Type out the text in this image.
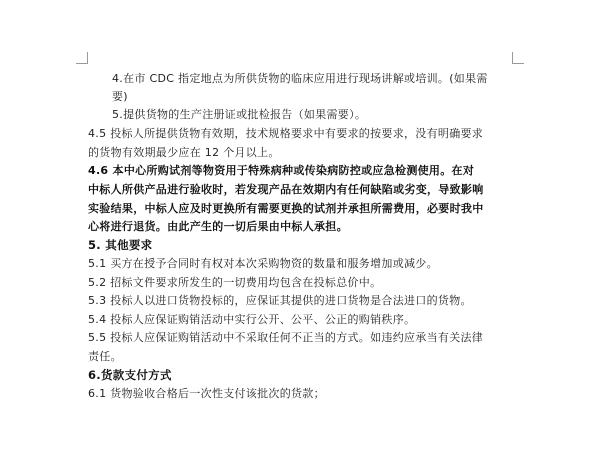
4.在市 CDC 指定地点为所供货物的临床应用进行现场讲解或培训。(如果需
要)
5.提供货物的生产注册证或批检报告（如果需要）。
4.5 投标人所提供货物有效期，技术规格要求中有要求的按要求，没有明确要求
的货物有效期最少应在 12 个月以上。
4.6 本中心所购试剂等物资用于特殊病种或传染病防控或应急检测使用。在对
中标人所供产品进行验收时，若发现产品在效期内有任何缺陷或劣变，导致影响
实验结果，中标人应及时更换所有需要更换的试剂并承担所需费用，必要时我中
心将进行退货。由此产生的一切后果由中标人承担。
5. 其他要求
5.1 买方在授予合同时有权对本次采购物资的数量和服务增加或减少。
5.2 招标文件要求所发生的一切费用均包含在投标总价中。
5.3 投标人以进口货物投标的，应保证其提供的进口货物是合法进口的货物。
5.4 投标人应保证购销活动中实行公开、公平、公正的购销秩序。
5.5 投标人应保证购销活动中不采取任何不正当的方式。如违约应承当有关法律
责任。
6.货款支付方式
6.1 货物验收合格后一次性支付该批次的货款；
